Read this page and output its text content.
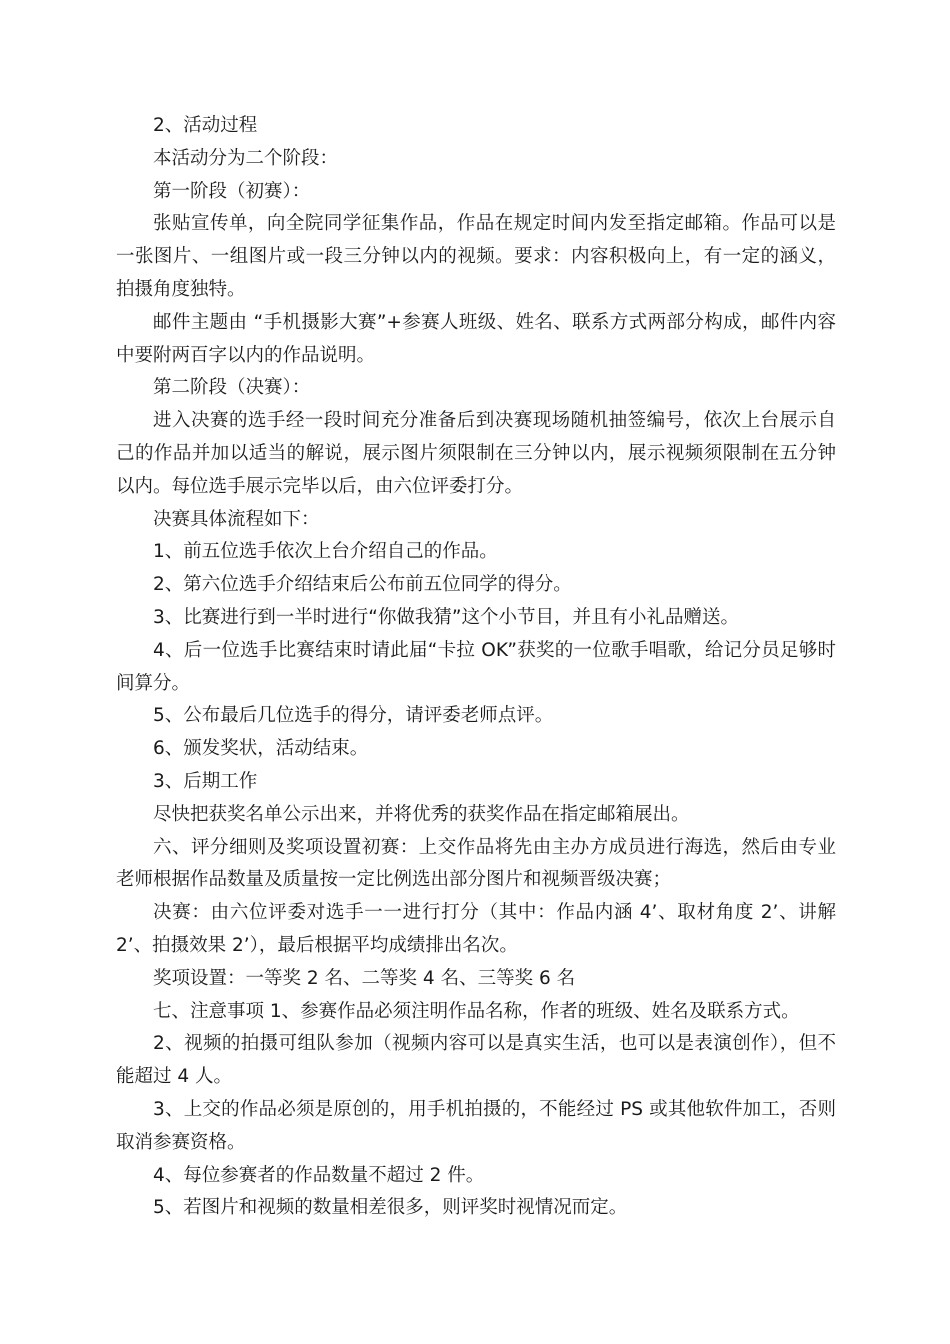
2、活动过程

本活动分为二个阶段：

第一阶段（初赛）：

张贴宣传单，向全院同学征集作品，作品在规定时间内发至指定邮箱。作品可以是一张图片、一组图片或一段三分钟以内的视频。要求：内容积极向上，有一定的涵义，拍摄角度独特。

邮件主题由 “手机摄影大赛”+参赛人班级、姓名、联系方式两部分构成，邮件内容中要附两百字以内的作品说明。

第二阶段（决赛）：

进入决赛的选手经一段时间充分准备后到决赛现场随机抽签编号，依次上台展示自己的作品并加以适当的解说，展示图片须限制在三分钟以内，展示视频须限制在五分钟以内。每位选手展示完毕以后，由六位评委打分。

决赛具体流程如下：

1、前五位选手依次上台介绍自己的作品。

2、第六位选手介绍结束后公布前五位同学的得分。

3、比赛进行到一半时进行“你做我猜”这个小节目，并且有小礼品赠送。

4、后一位选手比赛结束时请此届“卡拉 OK”获奖的一位歌手唱歌，给记分员足够时间算分。

5、公布最后几位选手的得分，请评委老师点评。

6、颁发奖状，活动结束。

3、后期工作

尽快把获奖名单公示出来，并将优秀的获奖作品在指定邮箱展出。

六、评分细则及奖项设置初赛：上交作品将先由主办方成员进行海选，然后由专业老师根据作品数量及质量按一定比例选出部分图片和视频晋级决赛；

决赛：由六位评委对选手一一进行打分（其中：作品内涵 4’、取材角度 2’、讲解 2’、拍摄效果 2’），最后根据平均成绩排出名次。

奖项设置：一等奖 2 名、二等奖 4 名、三等奖 6 名

七、注意事项 1、参赛作品必须注明作品名称，作者的班级、姓名及联系方式。

2、视频的拍摄可组队参加（视频内容可以是真实生活，也可以是表演创作），但不能超过 4 人。

3、上交的作品必须是原创的，用手机拍摄的，不能经过 PS 或其他软件加工，否则取消参赛资格。

4、每位参赛者的作品数量不超过 2 件。

5、若图片和视频的数量相差很多，则评奖时视情况而定。
